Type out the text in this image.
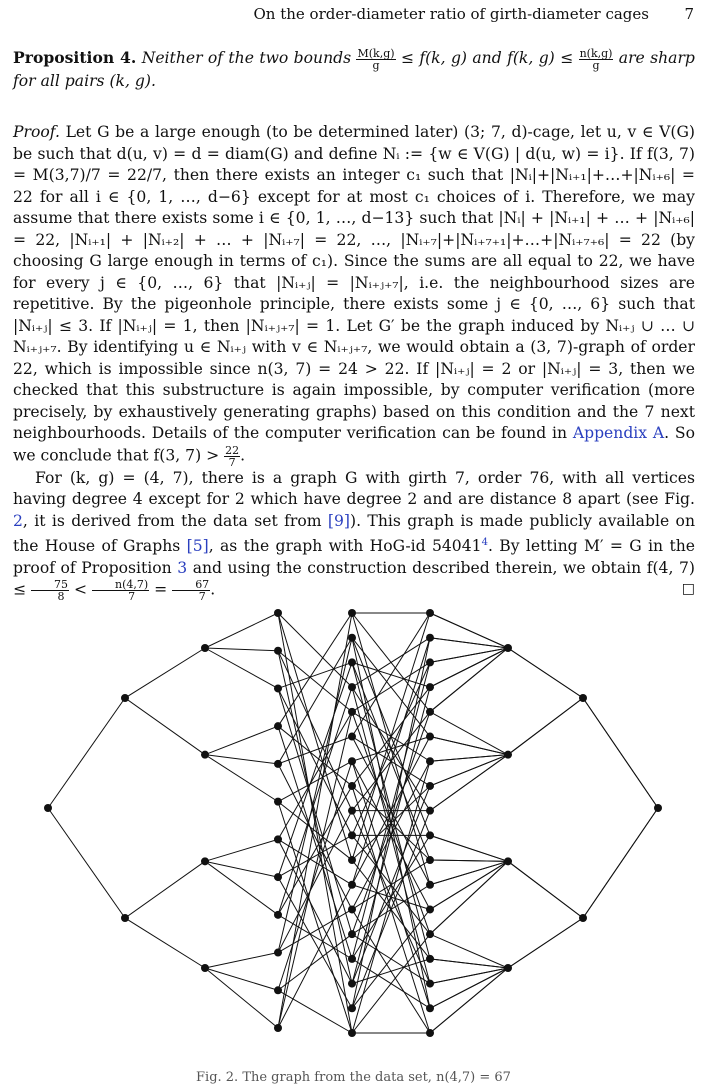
On the order-diameter ratio of girth-diameter cages 7

Proposition 4. Neither of the two bounds $\frac{M(k,g)}{g} \le f(k$, g) and f(k, $g) \le \frac{n(k,g)}{g}$ are sharp for all pairs (k, g).

Proof. Let G be a large enough (to be determined later) (3; 7, d)-cage, let u, v ∈ V(G) be such that d(u, v) = d = diam(G) and define Nᵢ := {w ∈ V(G) | d(u, w) = i}. If f(3, 7) = M(3,7)/7 = 22/7, then there exists an integer c₁ such that |Nᵢ|+|Nᵢ₊₁|+…+|Nᵢ₊₆| = 22 for all i ∈ {0, 1, …, d−6} except for at most c₁ choices of i. Therefore, we may assume that there exists some i ∈ {0, 1, …, d−13} such that |Nᵢ| + |Nᵢ₊₁| + … + |Nᵢ₊₆| = 22, |Nᵢ₊₁| + |Nᵢ₊₂| + … + |Nᵢ₊₇| = 22, …, |Nᵢ₊₇|+|Nᵢ₊₇₊₁|+…+|Nᵢ₊₇₊₆| = 22 (by choosing G large enough in terms of c₁). Since the sums are all equal to 22, we have for every j ∈ {0, …, 6} that |Nᵢ₊ⱼ| = |Nᵢ₊ⱼ₊₇|, i.e. the neighbourhood sizes are repetitive. By the pigeonhole principle, there exists some j ∈ {0, …, 6} such that |Nᵢ₊ⱼ| ≤ 3. If |Nᵢ₊ⱼ| = 1, then |Nᵢ₊ⱼ₊₇| = 1. Let G′ be the graph induced by Nᵢ₊ⱼ ∪ … ∪ Nᵢ₊ⱼ₊₇. By identifying u ∈ Nᵢ₊ⱼ with v ∈ Nᵢ₊ⱼ₊₇, we would obtain a (3, 7)-graph of order 22, which is impossible since n(3, 7) = 24 > 22. If |Nᵢ₊ⱼ| = 2 or |Nᵢ₊ⱼ| = 3, then we checked that this substructure is again impossible, by computer verification (more precisely, by exhaustively generating graphs) based on this condition and the 7 next neighbourhoods. Details of the computer verification can be found in Appendix A. So we conclude that f(3, $7) > \frac{22}{7}$ .

For (k, g) = (4, 7), there is a graph G with girth 7, order 76, with all vertices having degree 4 except for 2 which have degree 2 and are distance 8 apart (see Fig. 2, it is derived from the data set from [9]). This graph is made publicly available on the House of Graphs [5], as the graph with HoG-id 54041$^4$. By letting M′ = G in the proof of Proposition 3 and using the construction described therein, we obtain f(4, $7) \le \frac{75}{8} < \frac{n(4,7)}{7} = \frac{67}{7}$ .	□

Fig. 2. The graph from the data set, n(4,7) = 67
